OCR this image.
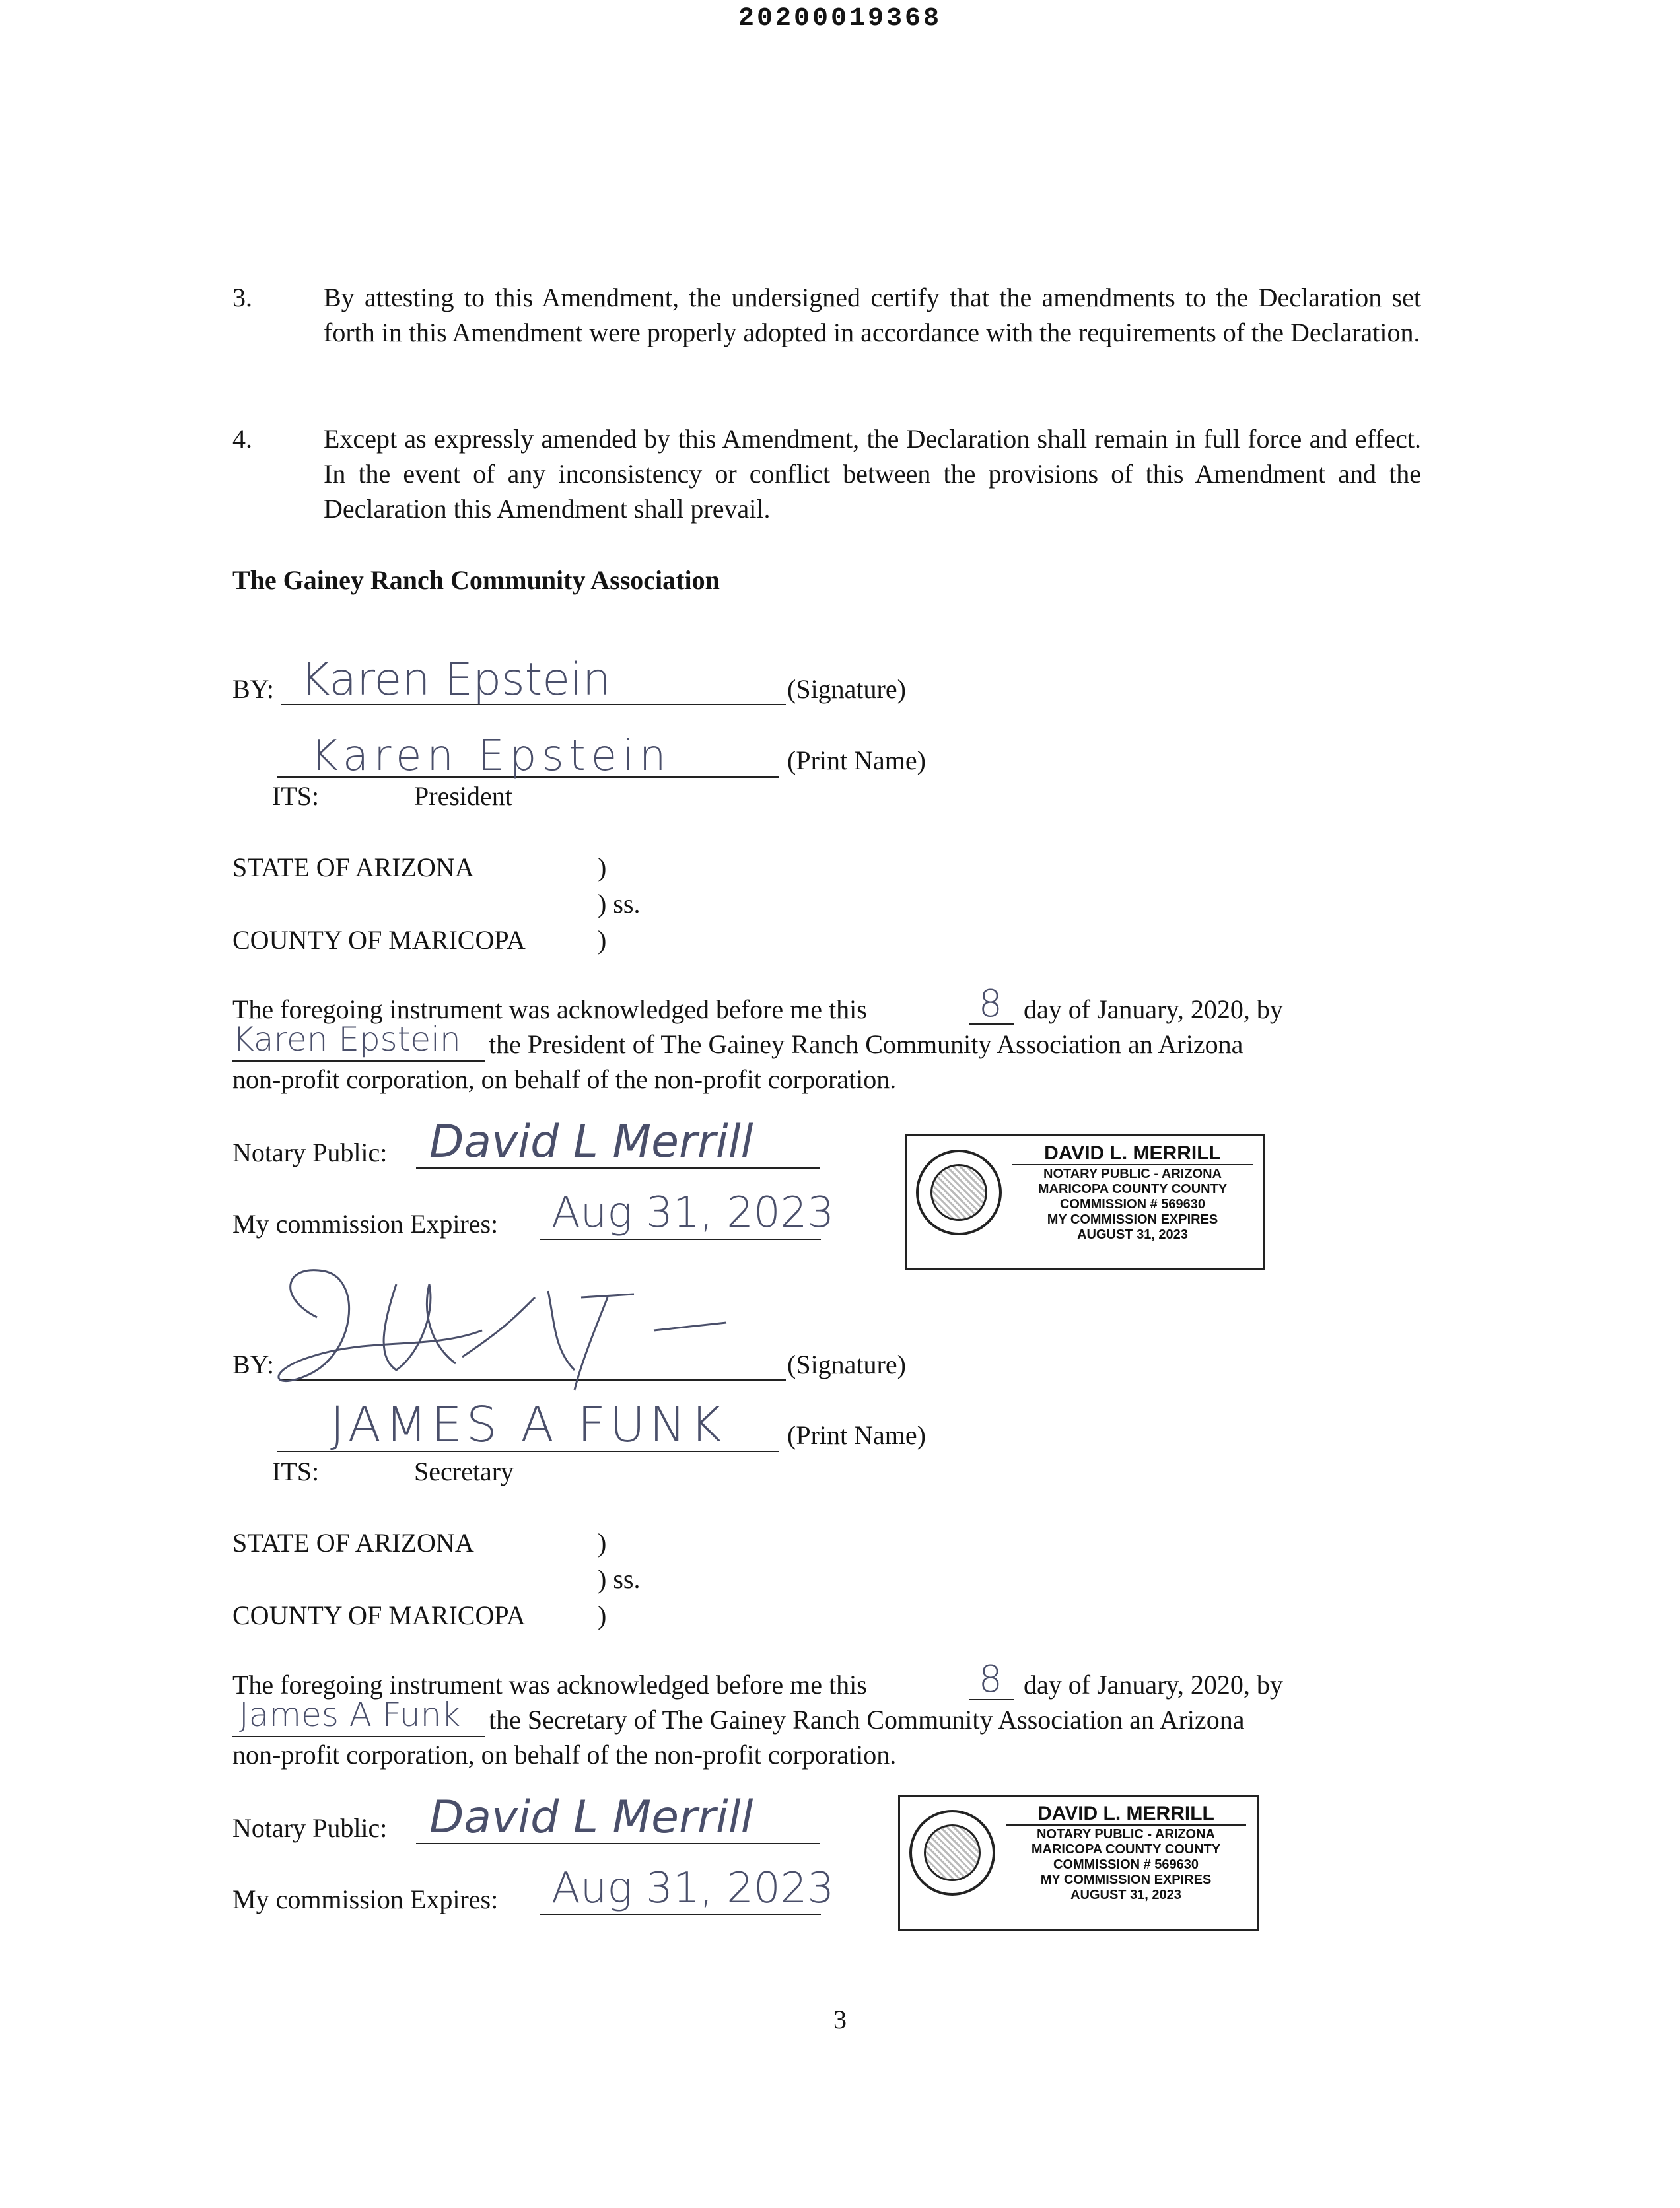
20200019368
3.	By attesting to this Amendment, the undersigned certify that the amendments to the Declaration set forth in this Amendment were properly adopted in accordance with the requirements of the Declaration.
4.	Except as expressly amended by this Amendment, the Declaration shall remain in full force and effect. In the event of any inconsistency or conflict between the provisions of this Amendment and the Declaration this Amendment shall prevail.
The Gainey Ranch Community Association
BY: Karen Epstein	(Signature)
Karen Epstein	(Print Name)
ITS:	President
STATE OF ARIZONA	)
) ss.
COUNTY OF MARICOPA	)
The foregoing instrument was acknowledged before me this	8 day of January, 2020, by
Karen Epstein the President of The Gainey Ranch Community Association an Arizona
non-profit corporation, on behalf of the non-profit corporation.
Notary Public: David L Merrill
My commission Expires: Aug 31, 2023
DAVID L. MERRILL
NOTARY PUBLIC - ARIZONA
MARICOPA COUNTY COUNTY
COMMISSION # 569630
MY COMMISSION EXPIRES
AUGUST 31, 2023
BY:	(Signature)
JAMES A FUNK (Print Name)
ITS:	Secretary
STATE OF ARIZONA	)
) ss.
COUNTY OF MARICOPA	)
The foregoing instrument was acknowledged before me this	8 day of January, 2020, by
James A Funk the Secretary of The Gainey Ranch Community Association an Arizona
non-profit corporation, on behalf of the non-profit corporation.
Notary Public: David L Merrill
My commission Expires: Aug 31, 2023
DAVID L. MERRILL
NOTARY PUBLIC - ARIZONA
MARICOPA COUNTY COUNTY
COMMISSION # 569630
MY COMMISSION EXPIRES
AUGUST 31, 2023
3
